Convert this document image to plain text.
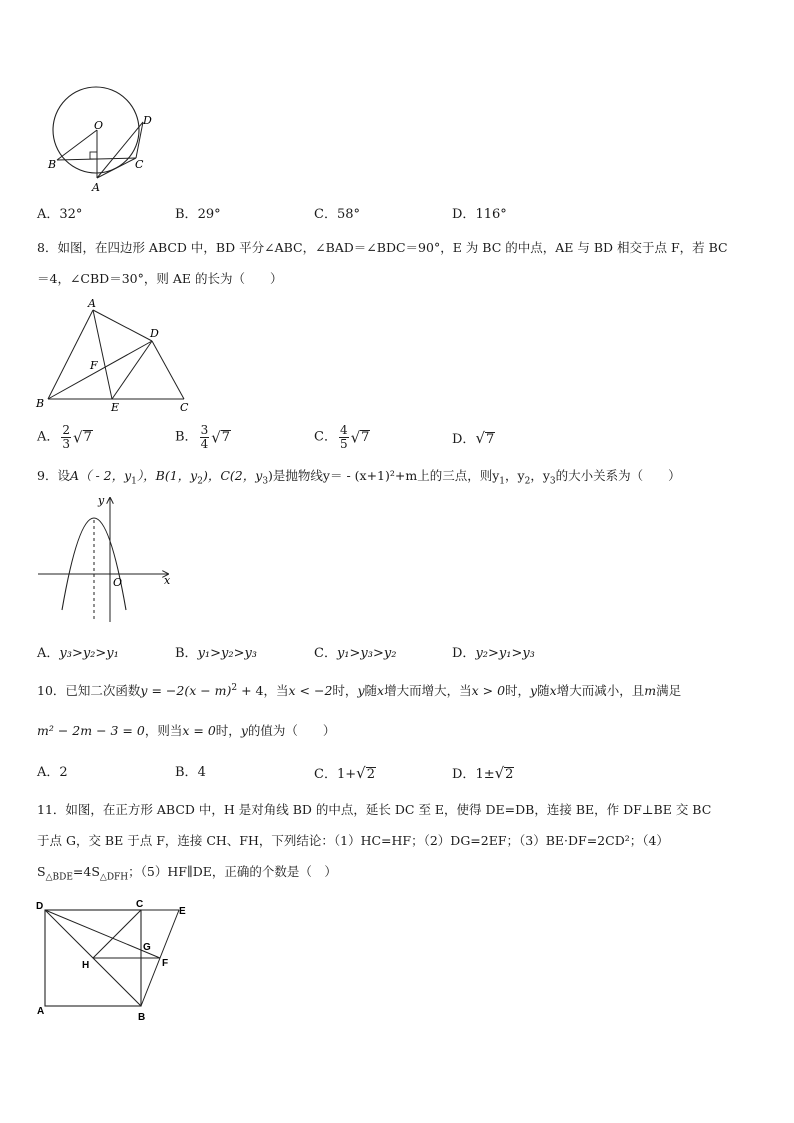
O	D
B	C
A
A．32°	B．29°	C．58°	D．116°
8．如图，在四边形 ABCD 中，BD 平分∠ABC，∠BAD＝∠BDC＝90°，E 为 BC 的中点，AE 与 BD 相交于点 F，若 BC
＝4，∠CBD＝30°，则 AE 的长为（　　）
A
D
F
B	E	C
A． $\frac{2}{3} √7$	B． $\frac{3}{4} √7$	C． $\frac{4}{5} √7$	D．√7
9．设A（ - 2，$y_1$），B(1，$y_2$)，C(2，$y_3$)是抛物线y＝ - (x+1)²+m上的三点，则$y_1$，$y_2$，$y_3$的大小关系为（　　）
y
O	x
A．y₃>y₂>y₁	B．y₁>y₂>y₃	C．y₁>y₃>y₂	D．y₂>y₁>y₃
10．已知二次函数$y = -2(x - m)^2 + 4$，当x < −2时，y随x增大而增大，当x > 0时，y随x增大而减小，且m满足
m² − 2m − 3 = 0，则当x = 0时，y的值为（　　）
A．2	B．4	C．1+√2	D．1±√2
11．如图，在正方形 ABCD 中，H 是对角线 BD 的中点，延长 DC 至 E，使得 DE=DB，连接 BE，作 DF⊥BE 交 BC
于点 G，交 BE 于点 F，连接 CH、FH，下列结论：（1）HC=HF；（2）DG=2EF；（3）BE·DF=2CD²；（4）
$S_{\triangle BDE}=4S_{\triangle DFH}$；（5）HF∥DE，正确的个数是（　）
D	C
E
G
H	F
A
B
